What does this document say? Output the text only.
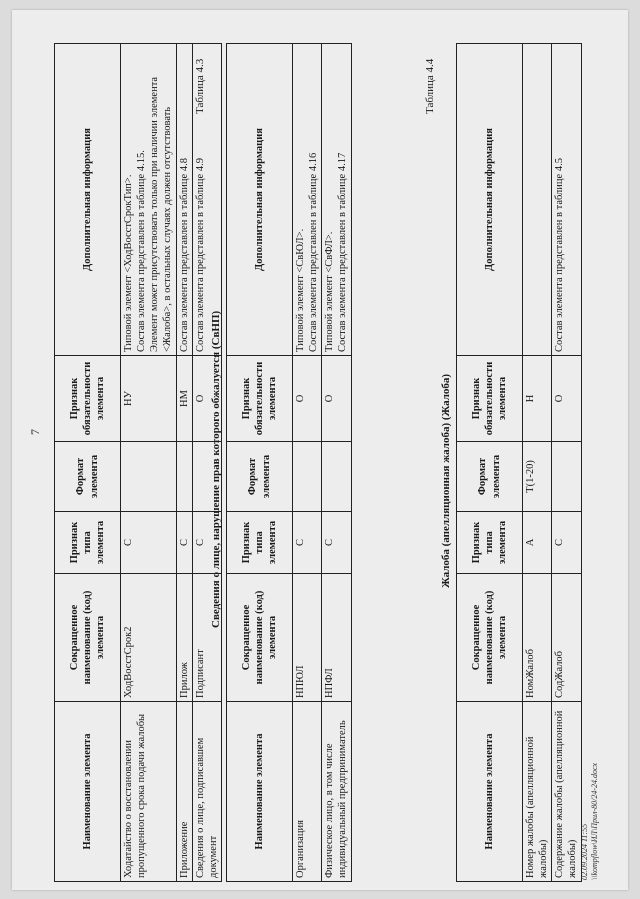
7
Наименование элемента	Сокращенное наименование (код) элемента	Признак типа элемента	Формат элемента	Признак обязательности элемента	Дополнительная информация
Ходатайство о восстановлении пропущенного срока подачи жалобы	ХодВосстСрок2	С		НУ	Типовой элемент <ХодВосстСрокТип>. Состав элемента представлен в таблице 4.15. Элемент может присутствовать только при наличии элемента <Жалоба>, в остальных случаях должен отсутствовать

Приложение	Прилож	С		НМ	Состав элемента представлен в таблице 4.8

Сведения о лице, подписавшем документ	Подписант	С		О	Состав элемента представлен в таблице 4.9
Таблица 4.3
Сведения о лице, нарушение прав которого обжалуется (СвНП)
Наименование элемента	Сокращенное наименование (код) элемента	Признак типа элемента	Формат элемента	Признак обязательности элемента	Дополнительная информация
Организация	НПЮЛ	С		О	Типовой элемент <СвЮЛ>. Состав элемента представлен в таблице 4.16

Физическое лицо, в том числе индивидуальный предприниматель	НПФЛ	С		О	Типовой элемент <СвФЛ>. Состав элемента представлен в таблице 4.17
Таблица 4.4
Жалоба (апелляционная жалоба) (Жалоба)
Наименование элемента	Сокращенное наименование (код) элемента	Признак типа элемента	Формат элемента	Признак обязательности элемента	Дополнительная информация
Номер жалобы (апелляционной жалобы)	НомЖалоб	А	T(1-20)	Н	

Содержание жалобы (апелляционной жалобы)	СодЖалоб	С		О	Состав элемента представлен в таблице 4.5
02.09.2024 11:55 \\kompflow\ИЛ\Прил-80/24-24.docx
